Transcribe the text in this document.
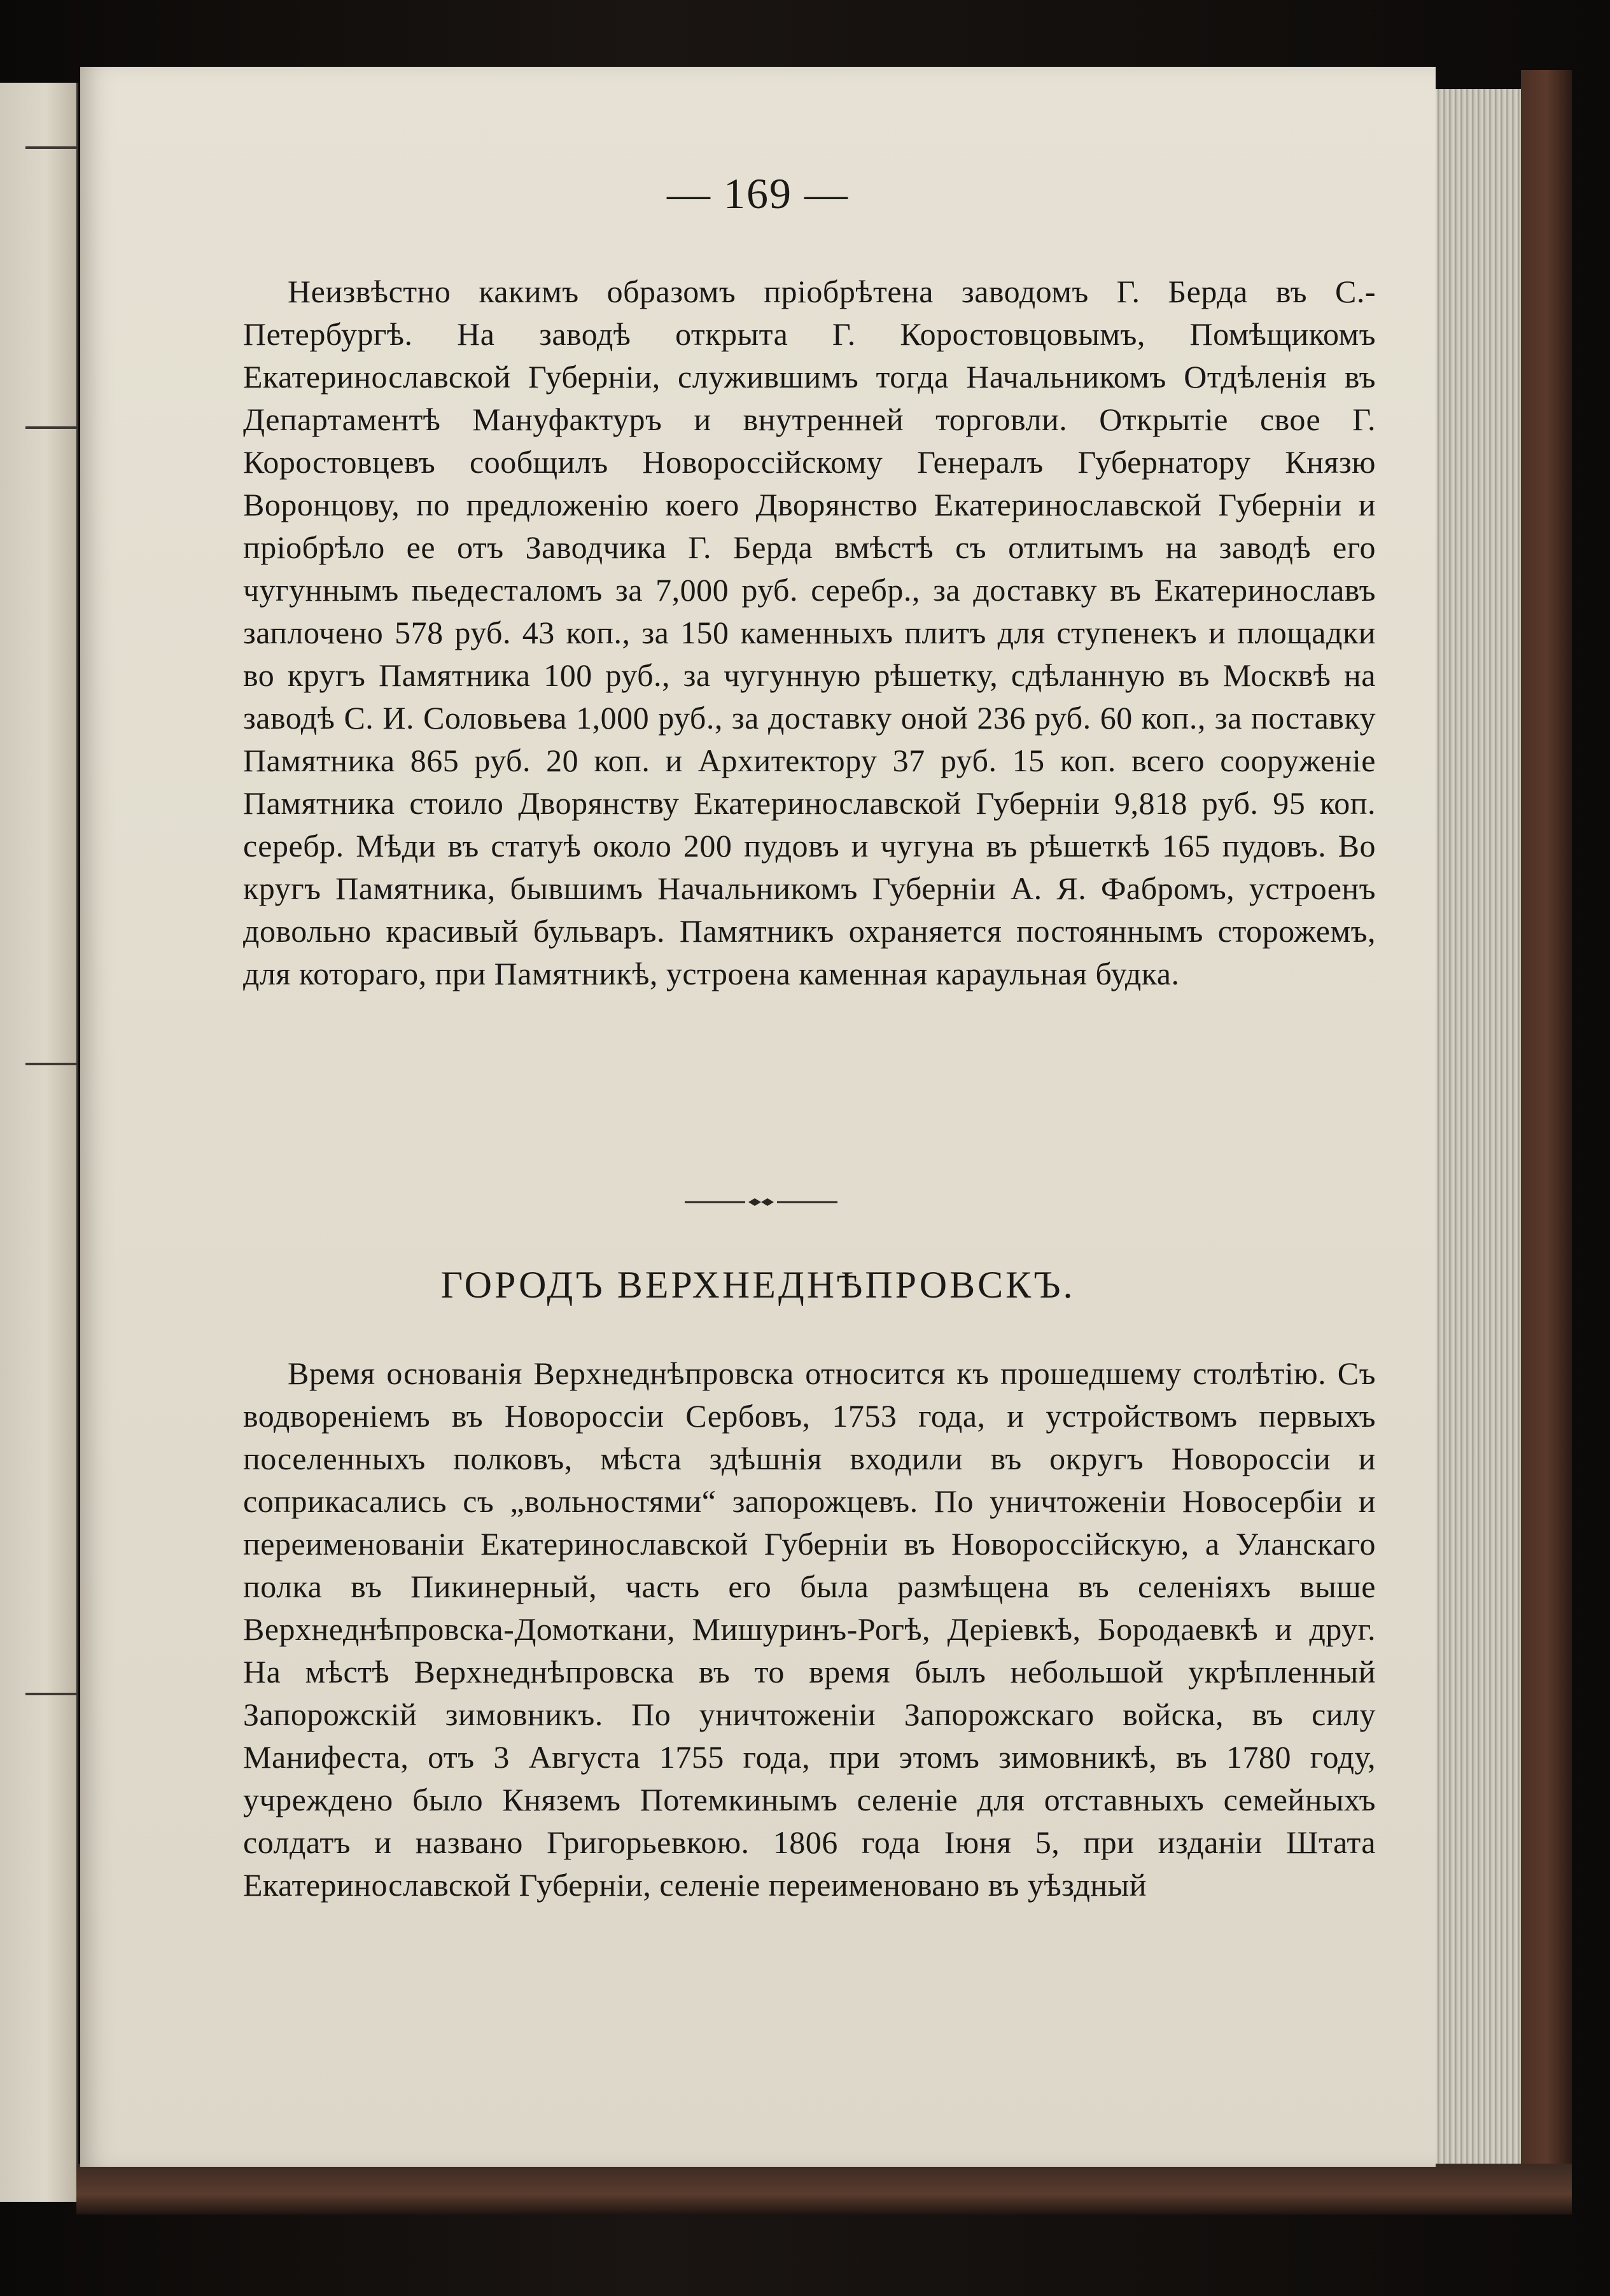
— 169 —

Неизвѣстно какимъ образомъ пріобрѣтена заводомъ Г. Берда въ С.-Петербургѣ. На заводѣ открыта Г. Коростовцовымъ, Помѣщикомъ Екатеринославской Губерніи, служившимъ тогда Начальникомъ Отдѣленія въ Департаментѣ Мануфактуръ и внутренней торговли. Открытіе свое Г. Коростовцевъ сообщилъ Новороссійскому Генералъ Губернатору Князю Воронцову, по предложенію коего Дворянство Екатеринославской Губерніи и пріобрѣло ее отъ Заводчика Г. Берда вмѣстѣ съ отлитымъ на заводѣ его чугуннымъ пьедесталомъ за 7,000 руб. серебр., за доставку въ Екатеринославъ заплочено 578 руб. 43 коп., за 150 каменныхъ плитъ для ступенекъ и площадки во кругъ Памятника 100 руб., за чугунную рѣшетку, сдѣланную въ Москвѣ на заводѣ С. И. Соловьева 1,000 руб., за доставку оной 236 руб. 60 коп., за поставку Памятника 865 руб. 20 коп. и Архитектору 37 руб. 15 коп. всего сооруженіе Памятника стоило Дворянству Екатеринославской Губерніи 9,818 руб. 95 коп. серебр. Мѣди въ статуѣ около 200 пудовъ и чугуна въ рѣшеткѣ 165 пудовъ. Во кругъ Памятника, бывшимъ Начальникомъ Губерніи А. Я. Фабромъ, устроенъ довольно красивый бульваръ. Памятникъ охраняется постояннымъ сторожемъ, для котораго, при Памятникѣ, устроена каменная караульная будка.

ГОРОДЪ ВЕРХНЕДНѢПРОВСКЪ.

Время основанія Верхнеднѣпровска относится къ прошедшему столѣтію. Съ водвореніемъ въ Новороссіи Сербовъ, 1753 года, и устройствомъ первыхъ поселенныхъ полковъ, мѣста здѣшнія входили въ округъ Новороссіи и соприкасались съ „вольностями“ запорожцевъ. По уничтоженіи Новосербіи и переименованіи Екатеринославской Губерніи въ Новороссійскую, а Уланскаго полка въ Пикинерный, часть его была размѣщена въ селеніяхъ выше Верхнеднѣпровска-Домоткани, Мишуринъ-Рогѣ, Деріевкѣ, Бородаевкѣ и друг. На мѣстѣ Верхнеднѣпровска въ то время былъ небольшой укрѣпленный Запорожскій зимовникъ. По уничтоженіи Запорожскаго войска, въ силу Манифеста, отъ 3 Августа 1755 года, при этомъ зимовникѣ, въ 1780 году, учреждено было Княземъ Потемкинымъ селеніе для отставныхъ семейныхъ солдатъ и названо Григорьевкою. 1806 года Іюня 5, при изданіи Штата Екатеринославской Губерніи, селеніе переименовано въ уѣздный
